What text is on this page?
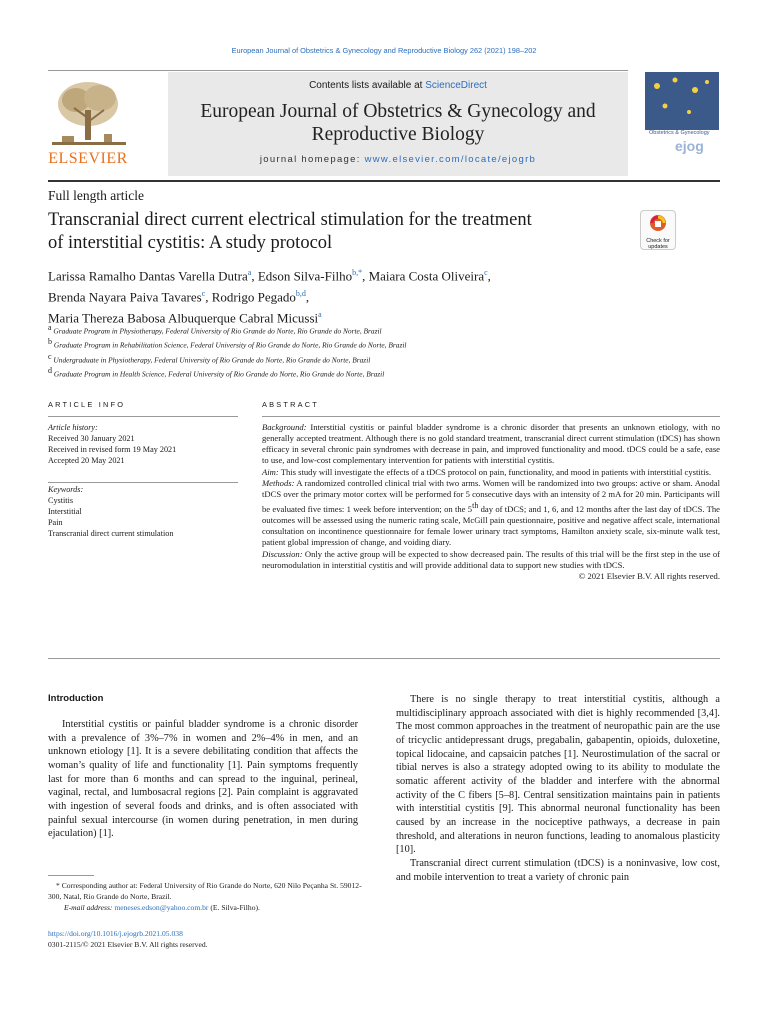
European Journal of Obstetrics & Gynecology and Reproductive Biology 262 (2021) 198–202
ELSEVIER
Contents lists available at ScienceDirect
European Journal of Obstetrics & Gynecology and
Reproductive Biology
journal homepage: www.elsevier.com/locate/ejogrb
Obstetrics & Gynecology
ejog
Full length article
Transcranial direct current electrical stimulation for the treatment
of interstitial cystitis: A study protocol	Check for
updates
Larissa Ramalho Dantas Varella Dutra$^a$, Edson Silva-Filho$^{b,*}$, Maiara Costa Oliveira$^c$,
Brenda Nayara Paiva Tavares$^c$, Rodrigo Pegado$^{b,d}$,
Maria Thereza Babosa Albuquerque Cabral Micussi$^a$
$^a$ Graduate Program in Physiotherapy, Federal University of Rio Grande do Norte, Rio Grande do Norte, Brazil
$^b$ Graduate Program in Rehabilitation Science, Federal University of Rio Grande do Norte, Rio Grande do Norte, Brazil
$^c$ Undergraduate in Physiotherapy, Federal University of Rio Grande do Norte, Rio Grande do Norte, Brazil
$^d$ Graduate Program in Health Science, Federal University of Rio Grande do Norte, Rio Grande do Norte, Brazil
ARTICLE INFO	ABSTRACT
Article history:
Received 30 January 2021
Received in revised form 19 May 2021
Accepted 20 May 2021
Keywords:
Cystitis
Interstitial
Pain
Transcranial direct current stimulation

Background: Interstitial cystitis or painful bladder syndrome is a chronic disorder that presents an unknown etiology, with no generally accepted treatment. Although there is no gold standard treatment, transcranial direct current stimulation (tDCS) has shown efficacy in several chronic pain syndromes with decrease in pain, and improved functionality and mood. tDCS could be a safe, ease to use, and low-cost complementary intervention for patients with interstitial cystitis.

Aim: This study will investigate the effects of a tDCS protocol on pain, functionality, and mood in patients with interstitial cystitis.

Methods: A randomized controlled clinical trial with two arms. Women will be randomized into two groups: active or sham. Anodal tDCS over the primary motor cortex will be performed for 5 consecutive days with an intensity of 2 mA for 20 min. Participants will be evaluated five times: 1 week before intervention; on the 5th day of tDCS; and 1, 6, and 12 months after the last day of tDCS. The outcomes will be assessed using the numeric rating scale, McGill pain questionnaire, positive and negative affect scale, international consultation on incontinence questionnaire for female lower urinary tract symptoms, Hamilton anxiety scale, six-minute walk test, patient global impression of change, and voiding diary.

Discussion: Only the active group will be expected to show decreased pain. The results of this trial will be the first step in the use of neuromodulation in interstitial cystitis and will provide additional data to support new studies with tDCS.

© 2021 Elsevier B.V. All rights reserved.

Introduction

Interstitial cystitis or painful bladder syndrome is a chronic disorder with a prevalence of 3%–7% in women and 2%–4% in men, and an unknown etiology [1]. It is a severe debilitating condition that affects the woman’s quality of life and functionality [1]. Pain symptoms frequently last for more than 6 months and can spread to the inguinal, perineal, vaginal, rectal, and lumbosacral regions [2]. Pain complaint is aggravated with ingestion of several foods and drinks, and is often associated with painful sexual intercourse (in women during penetration, in men during ejaculation) [1].

There is no single therapy to treat interstitial cystitis, although a multidisciplinary approach associated with diet is highly recommended [3,4]. The most common approaches in the treatment of neuropathic pain are the use of tricyclic antidepressant drugs, pregabalin, gabapentin, opioids, duloxetine, topical lidocaine, and capsaicin patches [1]. Neurostimulation of the sacral or tibial nerves is also a strategy adopted owing to its ability to modulate the somatic afferent activity of the bladder and interfere with the abnormal activity of the C fibers [5–8]. Central sensitization maintains pain in patients with interstitial cystitis [9]. This abnormal neuronal functionality has been caused by an increase in the nociceptive pathways, a decrease in pain threshold, and alterations in neuron functions, leading to anomalous plasticity [10].

Transcranial direct current stimulation (tDCS) is a noninvasive, low cost, and mobile intervention to treat a variety of chronic pain

* Corresponding author at: Federal University of Rio Grande do Norte, 620 Nilo Peçanha St. 59012-300, Natal, Rio Grande do Norte, Brazil.
E-mail address: meneses.edson@yahoo.com.br (E. Silva-Filho).
https://doi.org/10.1016/j.ejogrb.2021.05.038
0301-2115/© 2021 Elsevier B.V. All rights reserved.
